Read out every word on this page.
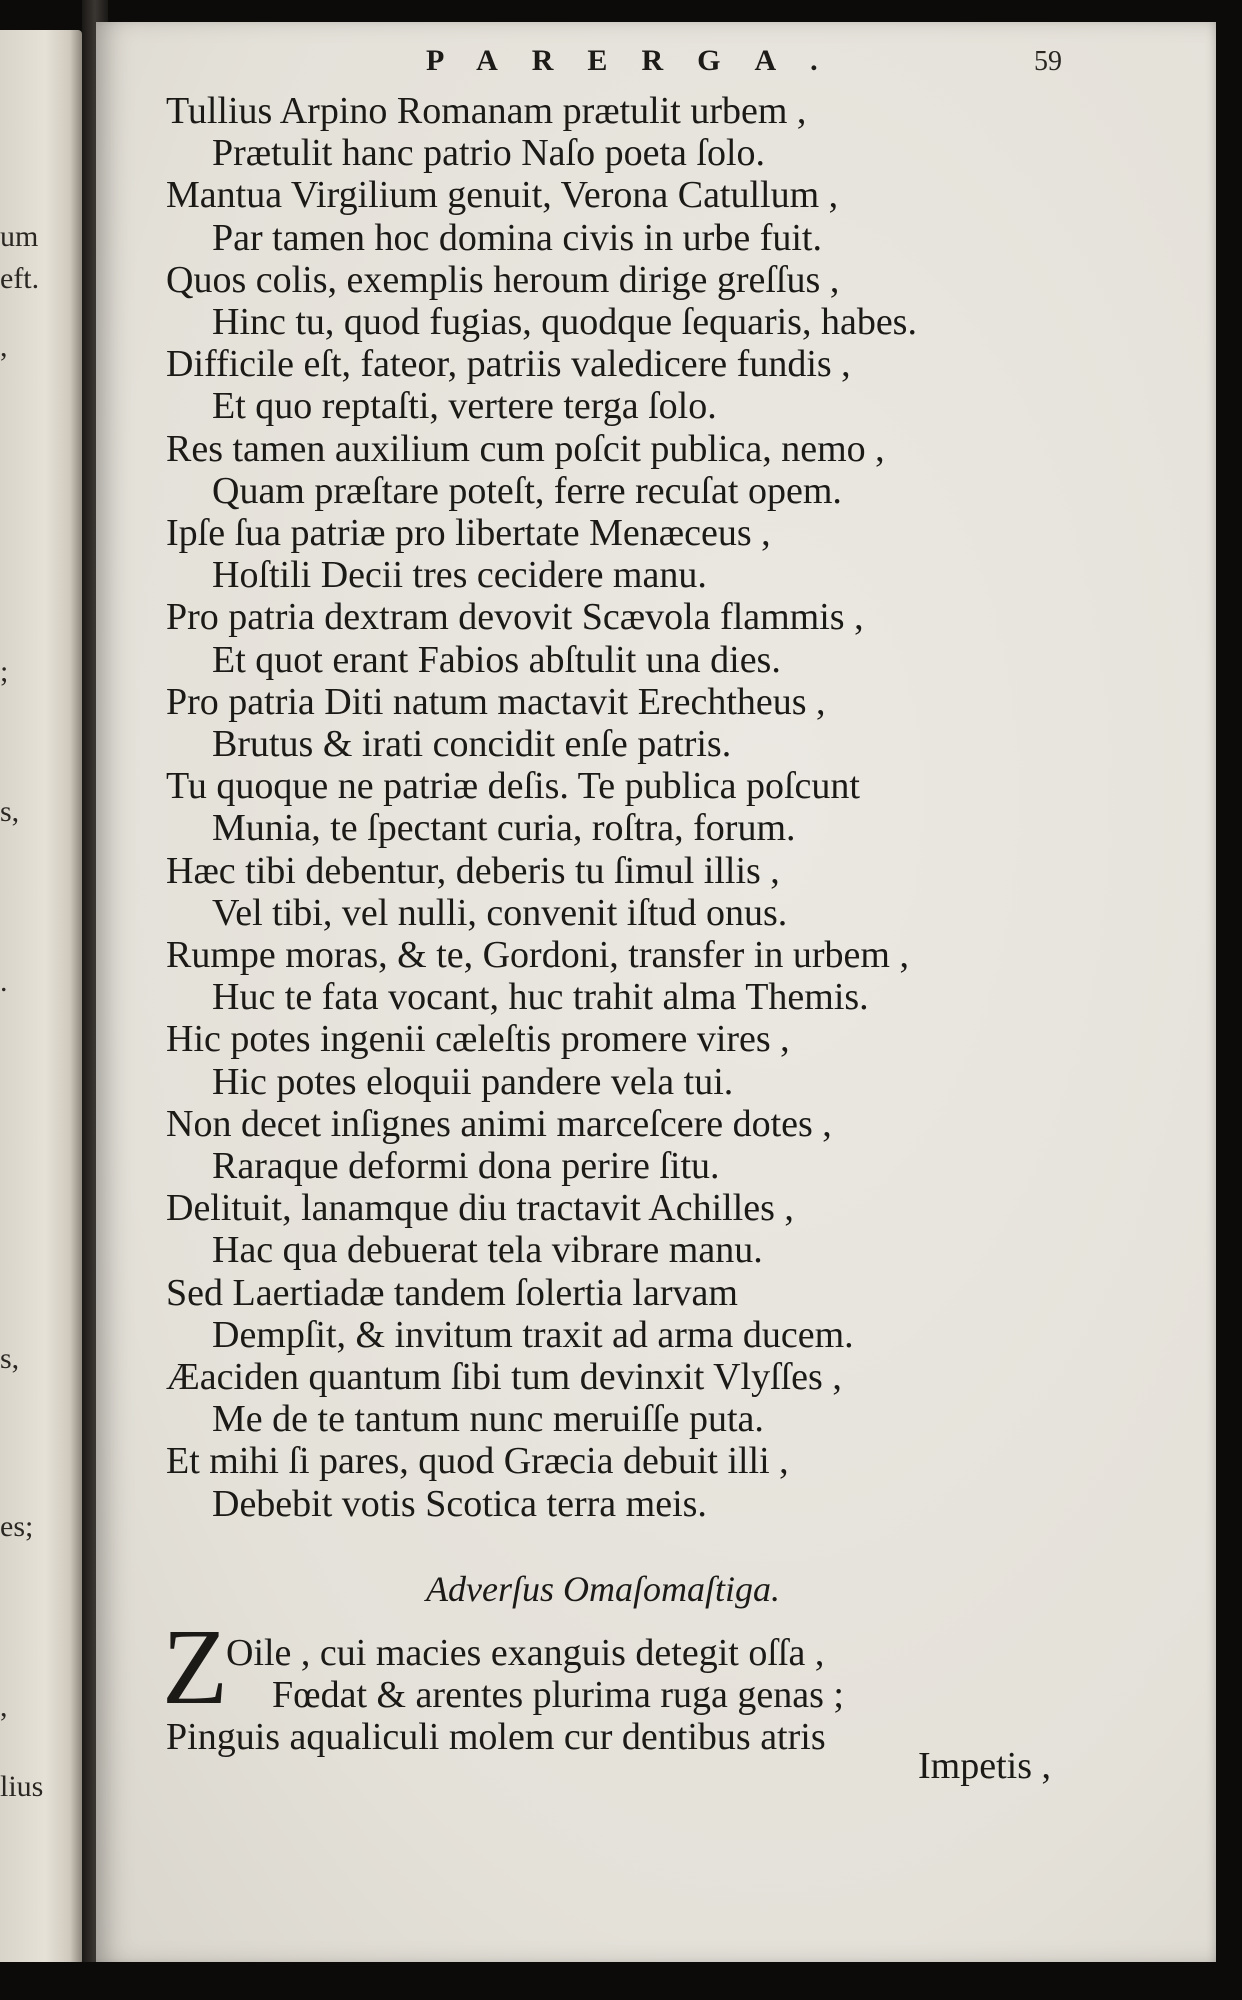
um
eft.
,
;
s,
.
s,
es;
,
lius
PARERGA.	59
Tullius Arpino Romanam prætulit urbem ,
Prætulit hanc patrio Naſo poeta ſolo.
Mantua Virgilium genuit, Verona Catullum ,
Par tamen hoc domina civis in urbe fuit.
Quos colis, exemplis heroum dirige greſſus ,
Hinc tu, quod fugias, quodque ſequaris, habes.
Difficile eſt, fateor, patriis valedicere fundis ,
Et quo reptaſti, vertere terga ſolo.
Res tamen auxilium cum poſcit publica, nemo ,
Quam præſtare poteſt, ferre recuſat opem.
Ipſe ſua patriæ pro libertate Menæceus ,
Hoſtili Decii tres cecidere manu.
Pro patria dextram devovit Scævola flammis ,
Et quot erant Fabios abſtulit una dies.
Pro patria Diti natum mactavit Erechtheus ,
Brutus & irati concidit enſe patris.
Tu quoque ne patriæ deſis. Te publica poſcunt
Munia, te ſpectant curia, roſtra, forum.
Hæc tibi debentur, deberis tu ſimul illis ,
Vel tibi, vel nulli, convenit iſtud onus.
Rumpe moras, & te, Gordoni, transfer in urbem ,
Huc te fata vocant, huc trahit alma Themis.
Hic potes ingenii cæleſtis promere vires ,
Hic potes eloquii pandere vela tui.
Non decet inſignes animi marceſcere dotes ,
Raraque deformi dona perire ſitu.
Delituit, lanamque diu tractavit Achilles ,
Hac qua debuerat tela vibrare manu.
Sed Laertiadæ tandem ſolertia larvam
Dempſit, & invitum traxit ad arma ducem.
Æaciden quantum ſibi tum devinxit Vlyſſes ,
Me de te tantum nunc meruiſſe puta.
Et mihi ſi pares, quod Græcia debuit illi ,
Debebit votis Scotica terra meis.
Adverſus Omaſomaſtiga.
Z
Oile , cui macies exanguis detegit oſſa ,
Fœdat & arentes plurima ruga genas ;
Pinguis aqualiculi molem cur dentibus atris
Impetis ,
